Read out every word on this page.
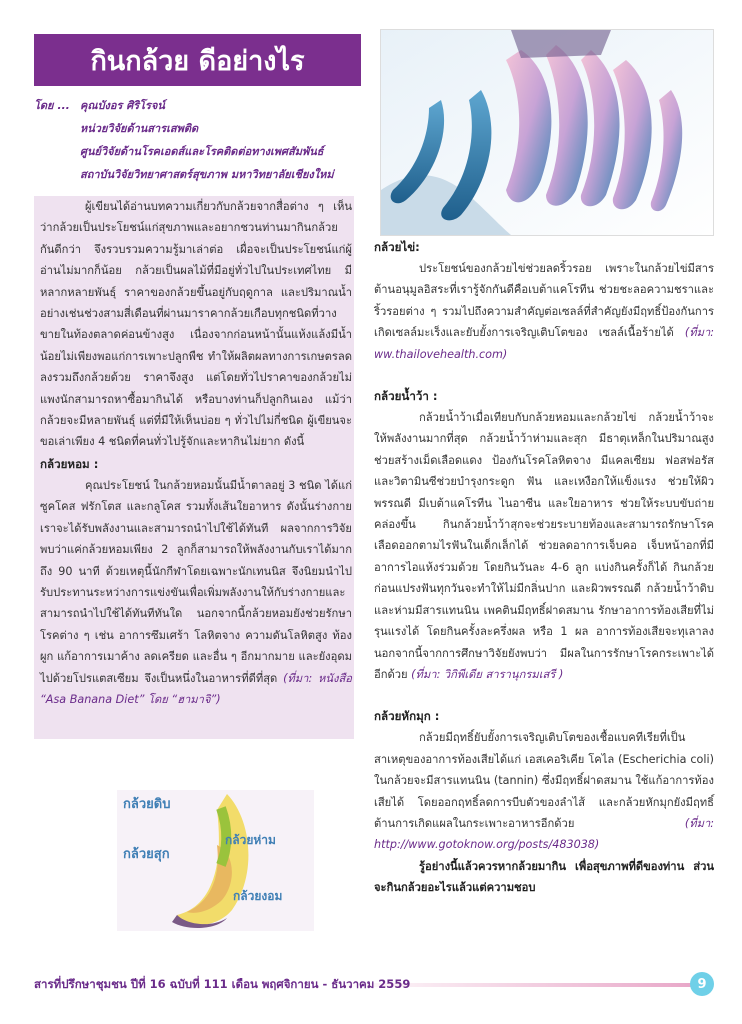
กินกล้วย ดีอย่างไร
โดย ... คุณบังอร ศิริโรจน์
หน่วยวิจัยด้านสารเสพติด
ศูนย์วิจัยด้านโรคเอดส์และโรคติดต่อทางเพศสัมพันธ์
สถาบันวิจัยวิทยาศาสตร์สุขภาพ มหาวิทยาลัยเชียงใหม่

ผู้เขียนได้อ่านบทความเกี่ยวกับกล้วยจากสื่อต่าง ๆ เห็นว่ากล้วยเป็นประโยชน์แก่สุขภาพและอยากชวนท่านมากินกล้วยกันดีกว่า จึงรวบรวมความรู้มาเล่าต่อ เผื่อจะเป็นประโยชน์แก่ผู้อ่านไม่มากก็น้อย กล้วยเป็นผลไม้ที่มีอยู่ทั่วไปในประเทศไทย มีหลากหลายพันธุ์ ราคาของกล้วยขึ้นอยู่กับฤดูกาล และปริมาณน้ำอย่างเช่นช่วงสามสี่เดือนที่ผ่านมาราคากล้วยเกือบทุกชนิดที่วางขายในท้องตลาดค่อนข้างสูง เนื่องจากก่อนหน้านั้นแห้งแล้งมีน้ำน้อยไม่เพียงพอแก่การเพาะปลูกพืช ทำให้ผลิตผลทางการเกษตรลดลงรวมถึงกล้วยด้วย ราคาจึงสูง แต่โดยทั่วไปราคาของกล้วยไม่แพงนักสามารถหาซื้อมากินได้ หรือบางท่านก็ปลูกกินเอง แม้ว่ากล้วยจะมีหลายพันธุ์ แต่ที่มีให้เห็นบ่อย ๆ ทั่วไปไม่กี่ชนิด ผู้เขียนจะขอเล่าเพียง 4 ชนิดที่คนทั่วไปรู้จักและหากินไม่ยาก ดังนี้

กล้วยหอม :

คุณประโยชน์ ในกล้วยหอมนั้นมีน้ำตาลอยู่ 3 ชนิด ได้แก่ ซูคโคส ฟรักโตส และกลูโคส รวมทั้งเส้นใยอาหาร ดังนั้นร่างกายเราจะได้รับพลังงานและสามารถนำไปใช้ได้ทันที ผลจากการวิจัยพบว่าแค่กล้วยหอมเพียง 2 ลูกก็สามารถให้พลังงานกับเราได้มากถึง 90 นาที ด้วยเหตุนี้นักกีฬาโดยเฉพาะนักเทนนิส จึงนิยมนำไปรับประทานระหว่างการแข่งขันเพื่อเพิ่มพลังงานให้กับร่างกายและสามารถนำไปใช้ได้ทันทีทันใด นอกจากนี้กล้วยหอมยังช่วยรักษาโรคต่าง ๆ เช่น อาการซึมเศร้า โลหิตจาง ความดันโลหิตสูง ท้องผูก แก้อาการเมาค้าง ลดเครียด และอื่น ๆ อีกมากมาย และยังอุดมไปด้วยโปรแตสเซียม จึงเป็นหนึ่งในอาหารที่ดีที่สุด (ที่มา: หนังสือ “Asa Banana Diet” โดย “ฮามาจิ”)

กล้วยดิบ
กล้วยห่าม
กล้วยสุก
กล้วยงอม
กล้วยไข่:

ประโยชน์ของกล้วยไข่ช่วยลดริ้วรอย เพราะในกล้วยไข่มีสารต้านอนุมูลอิสระที่เรารู้จักกันดีคือเบต้าแคโรทีน ช่วยชะลอความชราและริ้วรอยต่าง ๆ รวมไปถึงความสำคัญต่อเซลล์ที่สำคัญยังมีฤทธิ์ป้องกันการเกิดเซลล์มะเร็งและยับยั้งการเจริญเติบโตของ เซลล์เนื้อร้ายได้ (ที่มา: ww.thailovehealth.com)

กล้วยน้ำว้า :

กล้วยน้ำว้าเมื่อเทียบกับกล้วยหอมและกล้วยไข่ กล้วยน้ำว้าจะให้พลังงานมากที่สุด กล้วยน้ำว้าห่ามและสุก มีธาตุเหล็กในปริมาณสูง ช่วยสร้างเม็ดเลือดแดง ป้องกันโรคโลหิตจาง มีแคลเซียม ฟอสฟอรัส และวิตามินซีช่วยบำรุงกระดูก ฟัน และเหงือกให้แข็งแรง ช่วยให้ผิวพรรณดี มีเบต้าแคโรทีน ไนอาซีน และใยอาหาร ช่วยให้ระบบขับถ่ายคล่องขึ้น กินกล้วยน้ำว้าสุกจะช่วยระบายท้องและสามารถรักษาโรคเลือดออกตามไรฟันในเด็กเล็กได้ ช่วยลดอาการเจ็บคอ เจ็บหน้าอกที่มีอาการไอแห้งร่วมด้วย โดยกินวันละ 4-6 ลูก แบ่งกินครั้งก็ได้ กินกล้วยก่อนแปรงฟันทุกวันจะทำให้ไม่มีกลิ่นปาก และผิวพรรณดี กล้วยน้ำว้าดิบและห่ามมีสารแทนนิน เพคตินมีฤทธิ์ฝาดสมาน รักษาอาการท้องเสียที่ไม่รุนแรงได้ โดยกินครั้งละครึ่งผล หรือ 1 ผล อาการท้องเสียจะทุเลาลง นอกจากนี้จากการศึกษาวิจัยยังพบว่า มีผลในการรักษาโรคกระเพาะได้อีกด้วย (ที่มา: วิกิพีเดีย สารานุกรมเสรี )

กล้วยหักมุก :

กล้วยมีฤทธิ์ยับยั้งการเจริญเติบโตของเชื้อแบคทีเรียที่เป็นสาเหตุของอาการท้องเสียได้แก่ เอสเคอริเคีย โคไล (Escherichia coli) ในกล้วยจะมีสารแทนนิน (tannin) ซึ่งมีฤทธิ์ฝาดสมาน ใช้แก้อาการท้องเสียได้ โดยออกฤทธิ์ลดการบีบตัวของลำไส้ และกล้วยหักมุกยังมีฤทธิ์ต้านการเกิดแผลในกระเพาะอาหารอีกด้วย	(ที่มา: http://www.gotoknow.org/posts/483038)

รู้อย่างนี้แล้วควรหากล้วยมากิน เพื่อสุขภาพที่ดีของท่าน ส่วนจะกินกล้วยอะไรแล้วแต่ความชอบ

สารที่ปรึกษาชุมชน ปีที่ 16 ฉบับที่ 111 เดือน พฤศจิกายน - ธันวาคม 2559	9
